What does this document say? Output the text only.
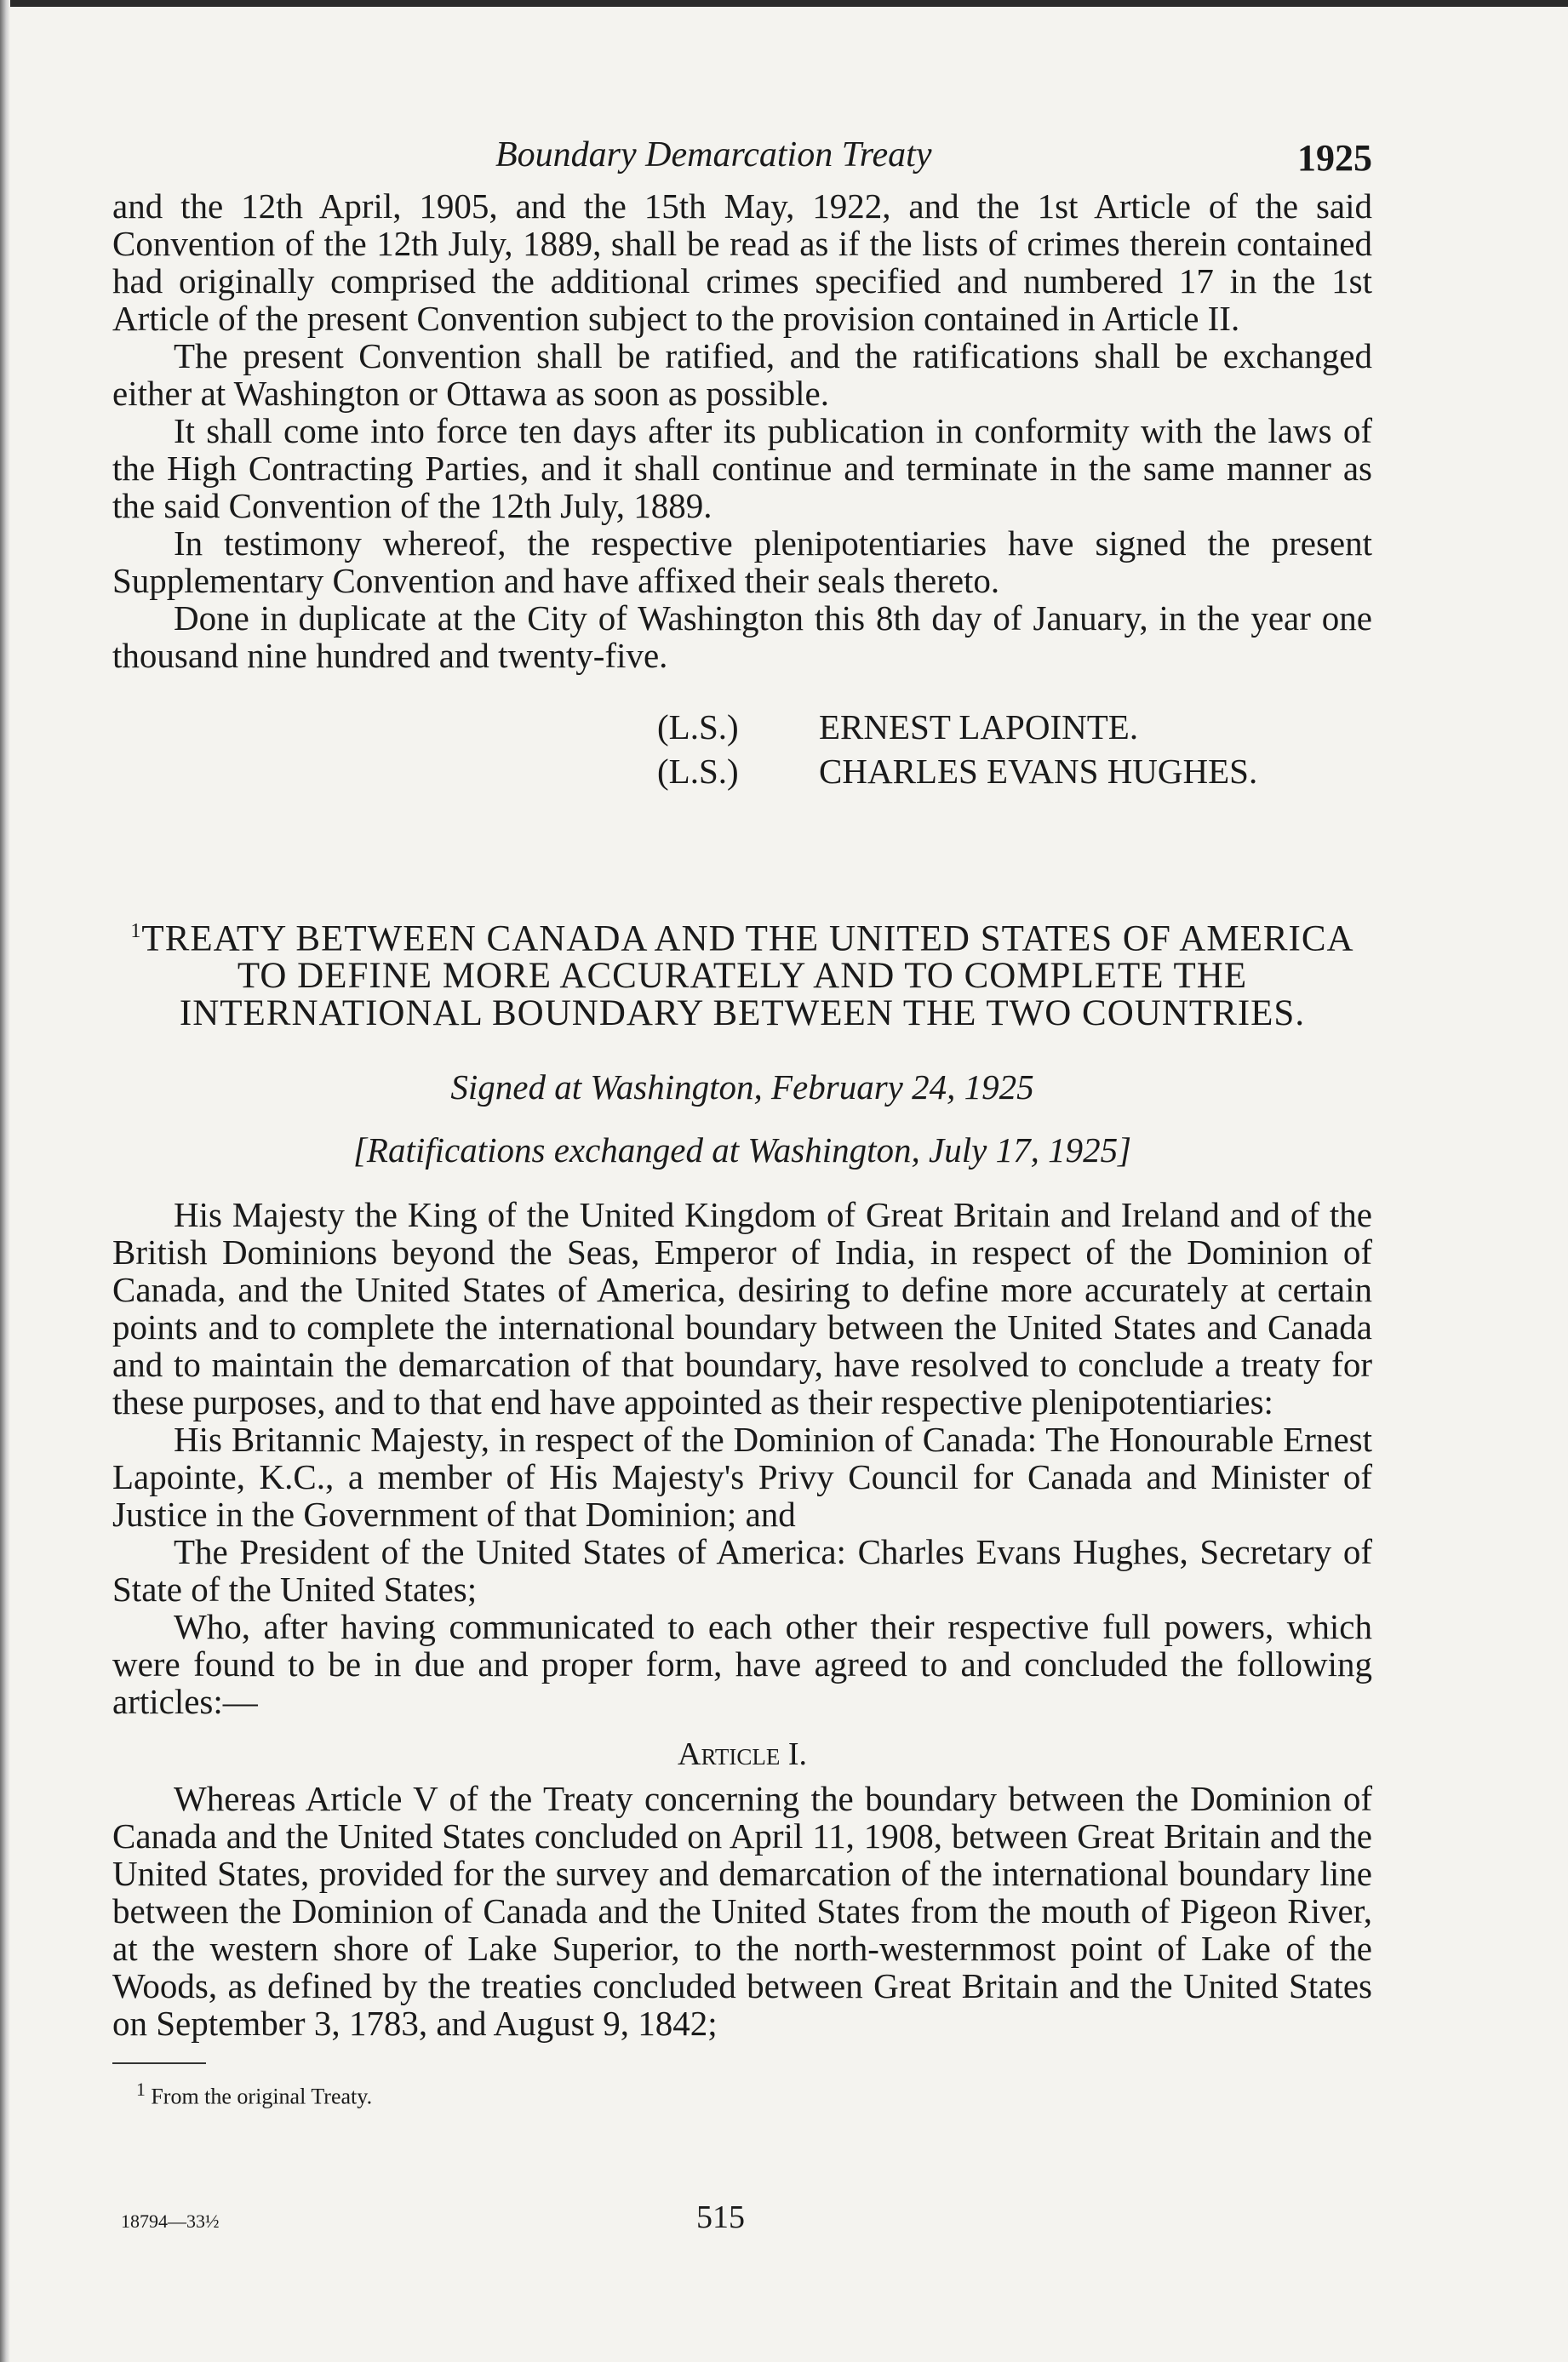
Boundary Demarcation Treaty	1925

and the 12th April, 1905, and the 15th May, 1922, and the 1st Article of the said Convention of the 12th July, 1889, shall be read as if the lists of crimes therein contained had originally comprised the additional crimes specified and numbered 17 in the 1st Article of the present Convention subject to the provision contained in Article II.

The present Convention shall be ratified, and the ratifications shall be exchanged either at Washington or Ottawa as soon as possible.

It shall come into force ten days after its publication in conformity with the laws of the High Contracting Parties, and it shall continue and terminate in the same manner as the said Convention of the 12th July, 1889.

In testimony whereof, the respective plenipotentiaries have signed the present Supplementary Convention and have affixed their seals thereto.

Done in duplicate at the City of Washington this 8th day of January, in the year one thousand nine hundred and twenty-five.

(L.S.)	ERNEST LAPOINTE.
(L.S.)	CHARLES EVANS HUGHES.
$^1$TREATY BETWEEN CANADA AND THE UNITED STATES OF AMERICA TO DEFINE MORE ACCURATELY AND TO COMPLETE THE INTERNATIONAL BOUNDARY BETWEEN THE TWO COUNTRIES.
Signed at Washington, February 24, 1925
[Ratifications exchanged at Washington, July 17, 1925]

His Majesty the King of the United Kingdom of Great Britain and Ireland and of the British Dominions beyond the Seas, Emperor of India, in respect of the Dominion of Canada, and the United States of America, desiring to define more accurately at certain points and to complete the international boundary between the United States and Canada and to maintain the demarcation of that boundary, have resolved to conclude a treaty for these purposes, and to that end have appointed as their respective plenipotentiaries:

His Britannic Majesty, in respect of the Dominion of Canada: The Honourable Ernest Lapointe, K.C., a member of His Majesty's Privy Council for Canada and Minister of Justice in the Government of that Dominion; and

The President of the United States of America: Charles Evans Hughes, Secretary of State of the United States;

Who, after having communicated to each other their respective full powers, which were found to be in due and proper form, have agreed to and concluded the following articles:—

Article I.

Whereas Article V of the Treaty concerning the boundary between the Dominion of Canada and the United States concluded on April 11, 1908, between Great Britain and the United States, provided for the survey and demarcation of the international boundary line between the Dominion of Canada and the United States from the mouth of Pigeon River, at the western shore of Lake Superior, to the north-westernmost point of Lake of the Woods, as defined by the treaties concluded between Great Britain and the United States on September 3, 1783, and August 9, 1842;

$^1$ From the original Treaty.
515
18794—33½
